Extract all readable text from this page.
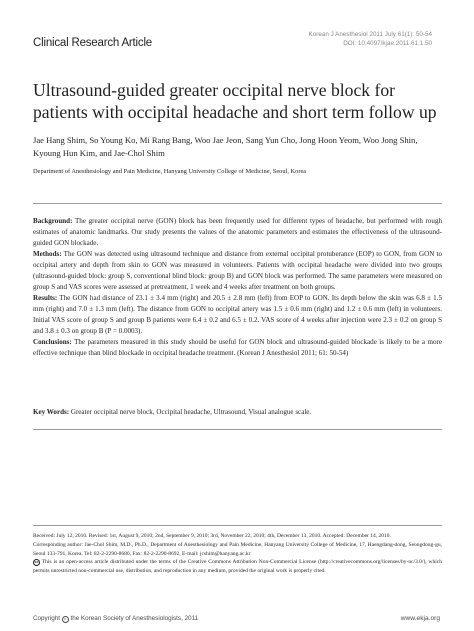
Clinical Research Article
Korean J Anesthesiol 2011 July 61(1): 50-54
DOI: 10.4097/kjae.2011.61.1.50
Ultrasound-guided greater occipital nerve block for patients with occipital headache and short term follow up
Jae Hang Shim, So Young Ko, Mi Rang Bang, Woo Jae Jeon, Sang Yun Cho, Jong Hoon Yeom, Woo Jong Shin, Kyoung Hun Kim, and Jae-Chol Shim
Department of Anesthesiology and Pain Medicine, Hanyang University College of Medicine, Seoul, Korea

Background: The greater occipital nerve (GON) block has been frequently used for different types of headache, but performed with rough estimates of anatomic landmarks. Our study presents the values of the anatomic parameters and estimates the effectiveness of the ultrasound-guided GON blockade.

Methods: The GON was detected using ultrasound technique and distance from external occipital protuberance (EOP) to GON, from GON to occipital artery and depth from skin to GON was measured in volunteers. Patients with occipital headache were divided into two groups (ultrasound-guided block: group S, conventional blind block: group B) and GON block was performed. The same parameters were measured on group S and VAS scores were assessed at pretreatment, 1 week and 4 weeks after treatment on both groups.

Results: The GON had distance of 23.1 ± 3.4 mm (right) and 20.5 ± 2.8 mm (left) from EOP to GON. Its depth below the skin was 6.8 ± 1.5 mm (right) and 7.0 ± 1.3 mm (left). The distance from GON to occipital artery was 1.5 ± 0.6 mm (right) and 1.2 ± 0.6 mm (left) in volunteers. Initial VAS score of group S and group B patients were 6.4 ± 0.2 and 6.5 ± 0.2. VAS score of 4 weeks after injection were 2.3 ± 0.2 on group S and 3.8 ± 0.3 on group B (P = 0.0003).

Conclusions: The parameters measured in this study should be useful for GON block and ultrasound-guided blockade is likely to be a more effective technique than blind blockade in occipital headache treatment. (Korean J Anesthesiol 2011; 61: 50-54)

Key Words: Greater occipital nerve block, Occipital headache, Ultrasound, Visual analogue scale.

Received: July 12, 2010. Revised: 1st, August 9, 2010; 2nd, September 9, 2010; 3rd, November 22, 2010; 4th, December 13, 2010. Accepted: December 14, 2010.

Corresponding author: Jae-Chol Shim, M.D., Ph.D., Department of Anesthesiology and Pain Medicine, Hanyang University College of Medicine, 17, Haengdang-dong, Seongdong-gu, Seoul 133-791, Korea. Tel: 82-2-2290-8680, Fax: 82-2-2290-8692, E-mail: jcshim@hanyang.ac.kr

cc This is an open-access article distributed under the terms of the Creative Commons Attribution Non-Commercial License (http://creativecommons.org/licenses/by-nc/3.0/), which permits unrestricted non-commercial use, distribution, and reproduction in any medium, provided the original work is properly cited.

Copyright c the Korean Society of Anesthesiologists, 2011	www.ekja.org
